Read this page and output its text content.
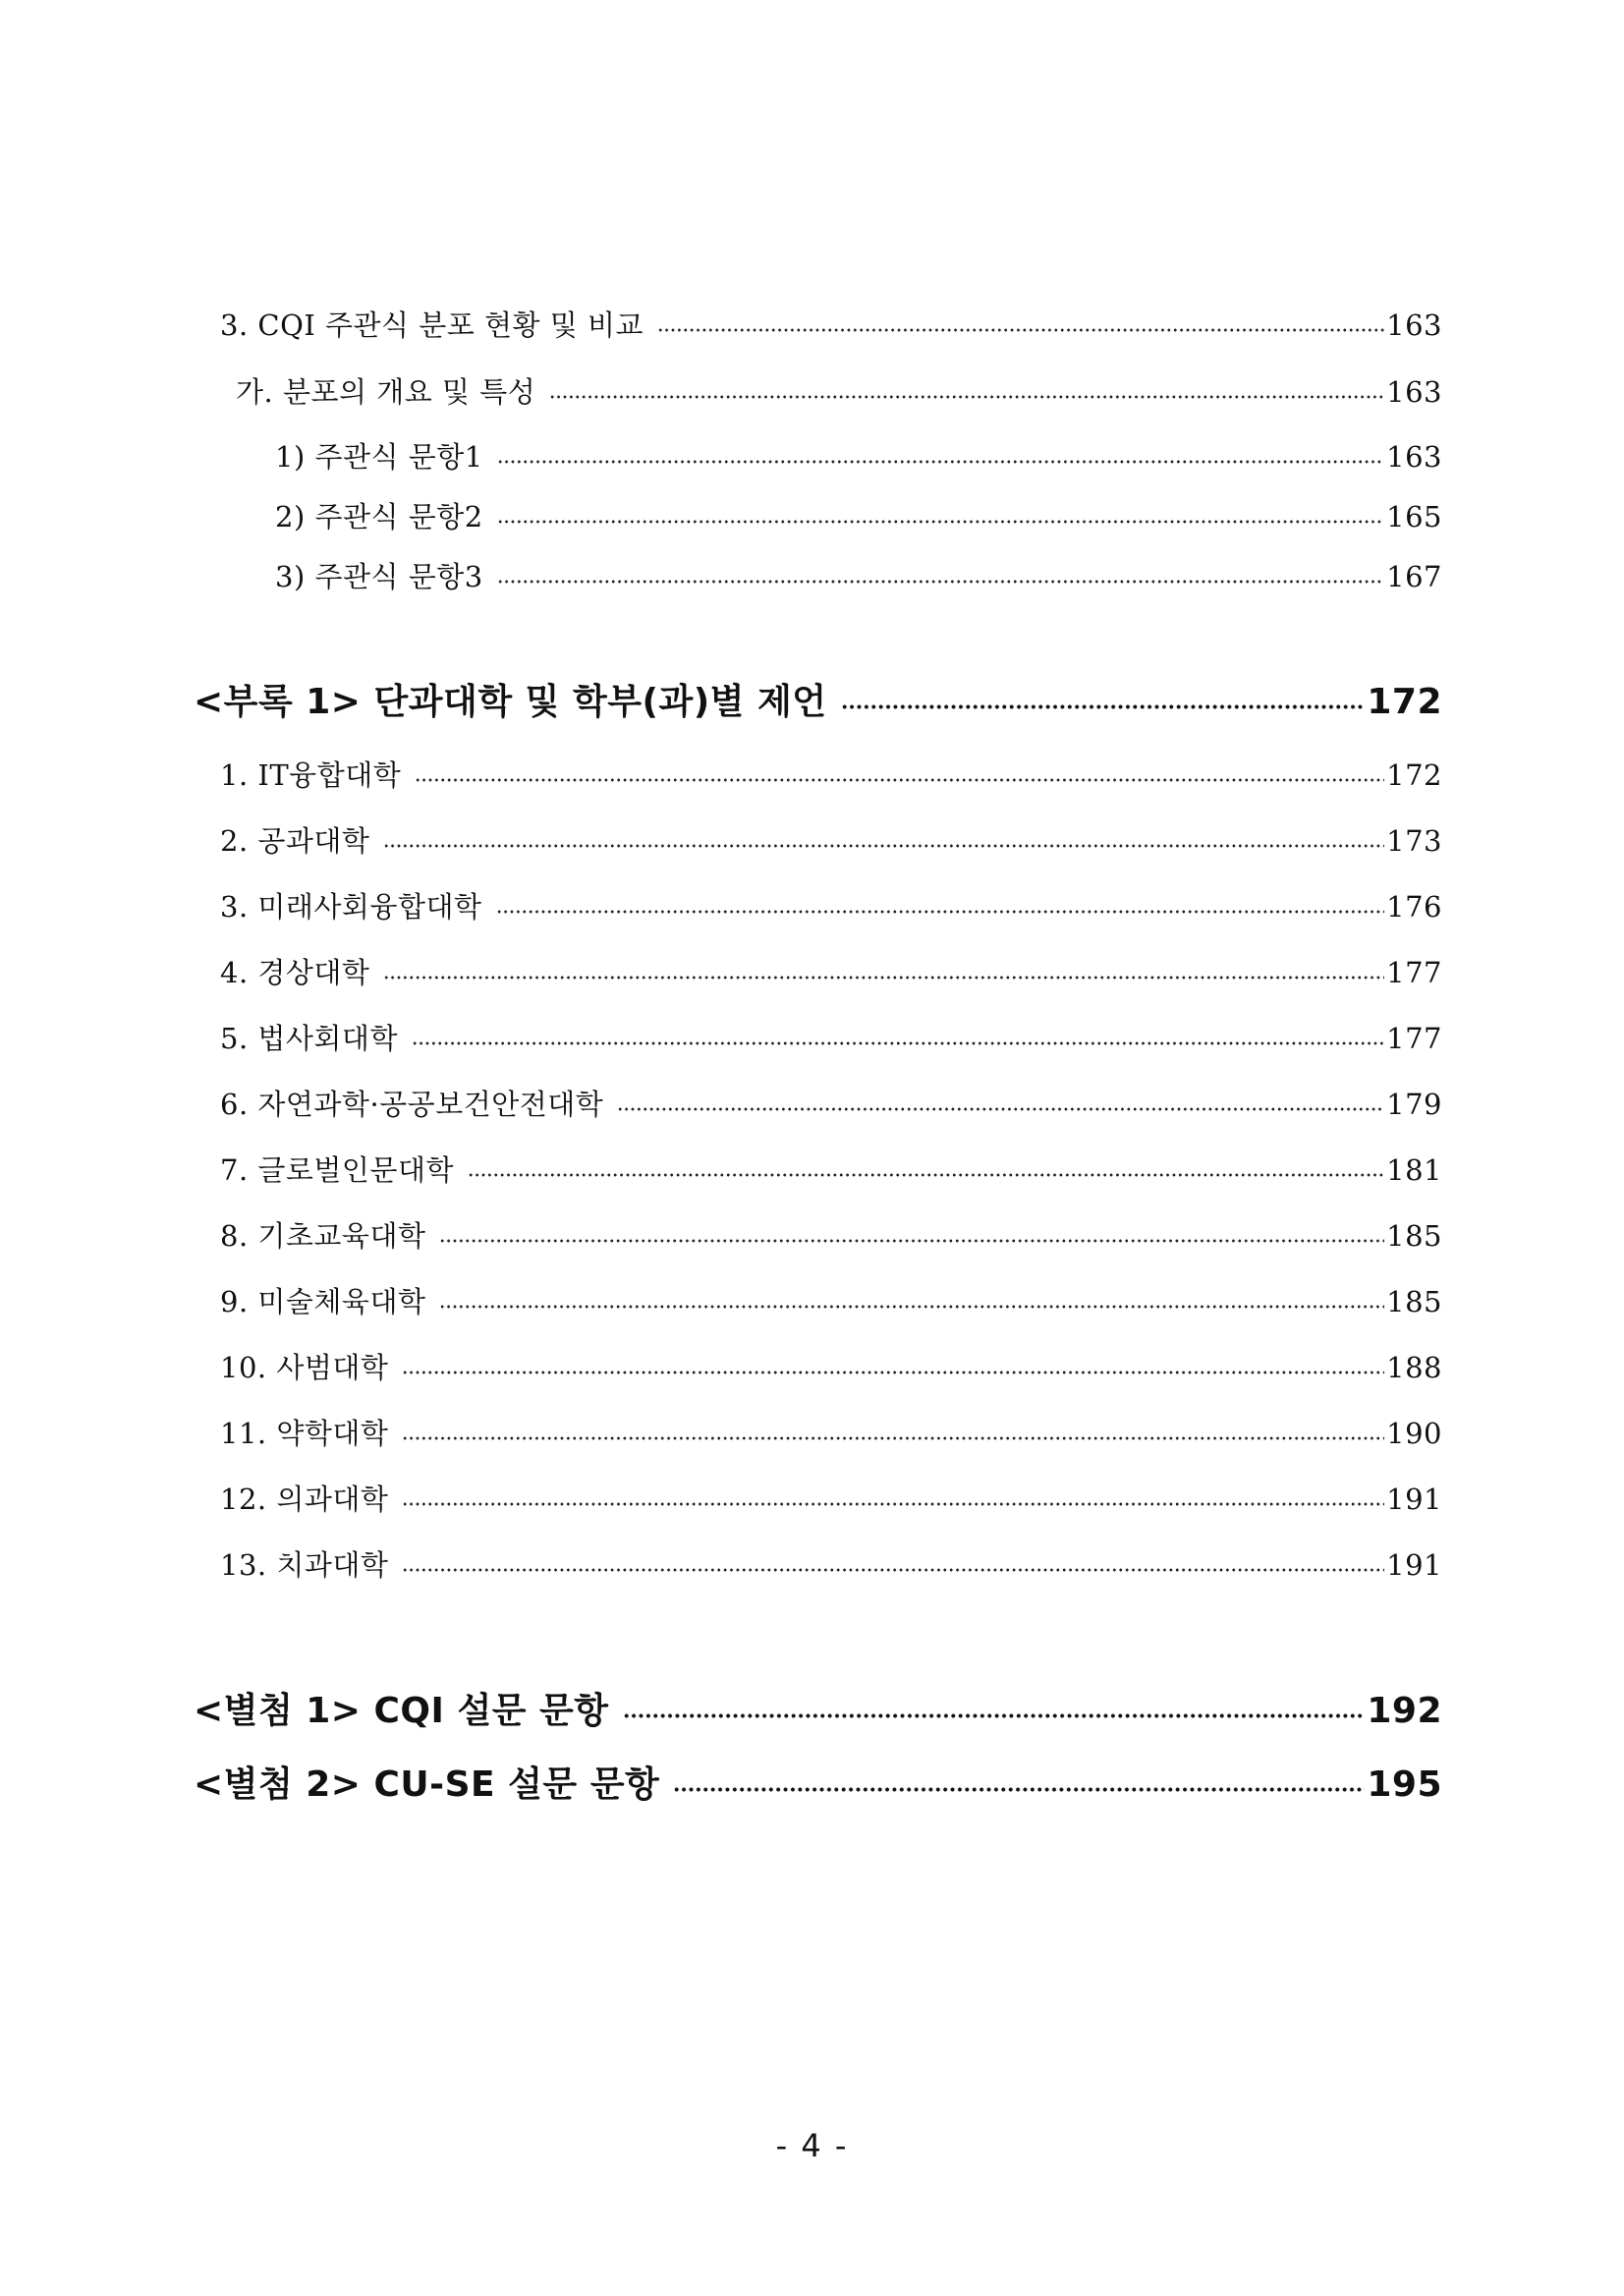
3. CQI 주관식 분포 현황 및 비교	163
가. 분포의 개요 및 특성	163
1) 주관식 문항1	163
2) 주관식 문항2	165
3) 주관식 문항3	167
<부록 1> 단과대학 및 학부(과)별 제언	172
1. IT융합대학	172
2. 공과대학	173
3. 미래사회융합대학	176
4. 경상대학	177
5. 법사회대학	177
6. 자연과학·공공보건안전대학	179
7. 글로벌인문대학	181
8. 기초교육대학	185
9. 미술체육대학	185
10. 사범대학	188
11. 약학대학	190
12. 의과대학	191
13. 치과대학	191
<별첨 1> CQI 설문 문항	192
<별첨 2> CU-SE 설문 문항	195
- 4 -
